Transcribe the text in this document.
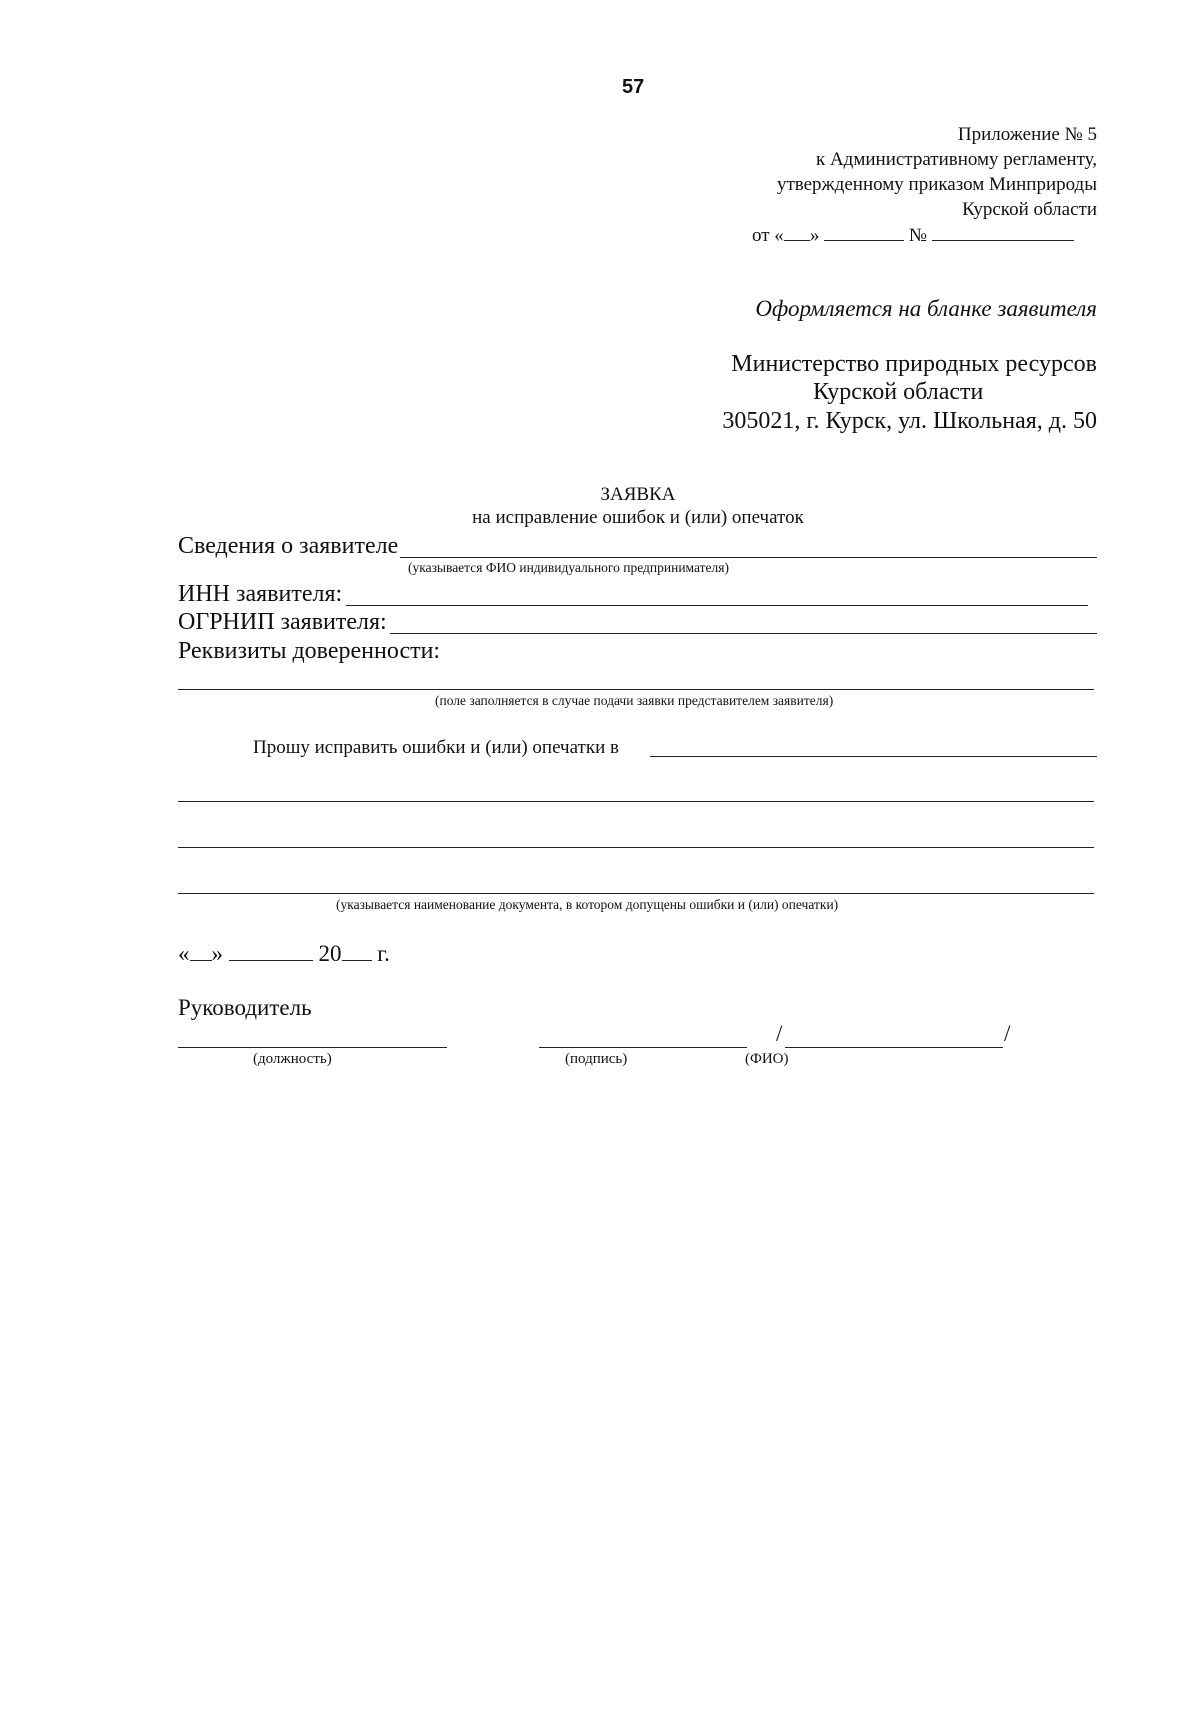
57
Приложение № 5
к Административному регламенту,
утвержденному приказом Минприроды
Курской области
от « »	№
Оформляется на бланке заявителя
Министерство природных ресурсов
Курской области
305021, г. Курск, ул. Школьная, д. 50
ЗАЯВКА
на исправление ошибок и (или) опечаток
Сведения о заявителе
(указывается ФИО индивидуального предпринимателя)
ИНН заявителя:
ОГРНИП заявителя:
Реквизиты доверенности:
(поле заполняется в случае подачи заявки представителем заявителя)
Прошу исправить ошибки и (или) опечатки в
(указывается наименование документа, в котором допущены ошибки и (или) опечатки)
« »	20 г.
Руководитель
/	/
(должность)	(подпись)	(ФИО)
